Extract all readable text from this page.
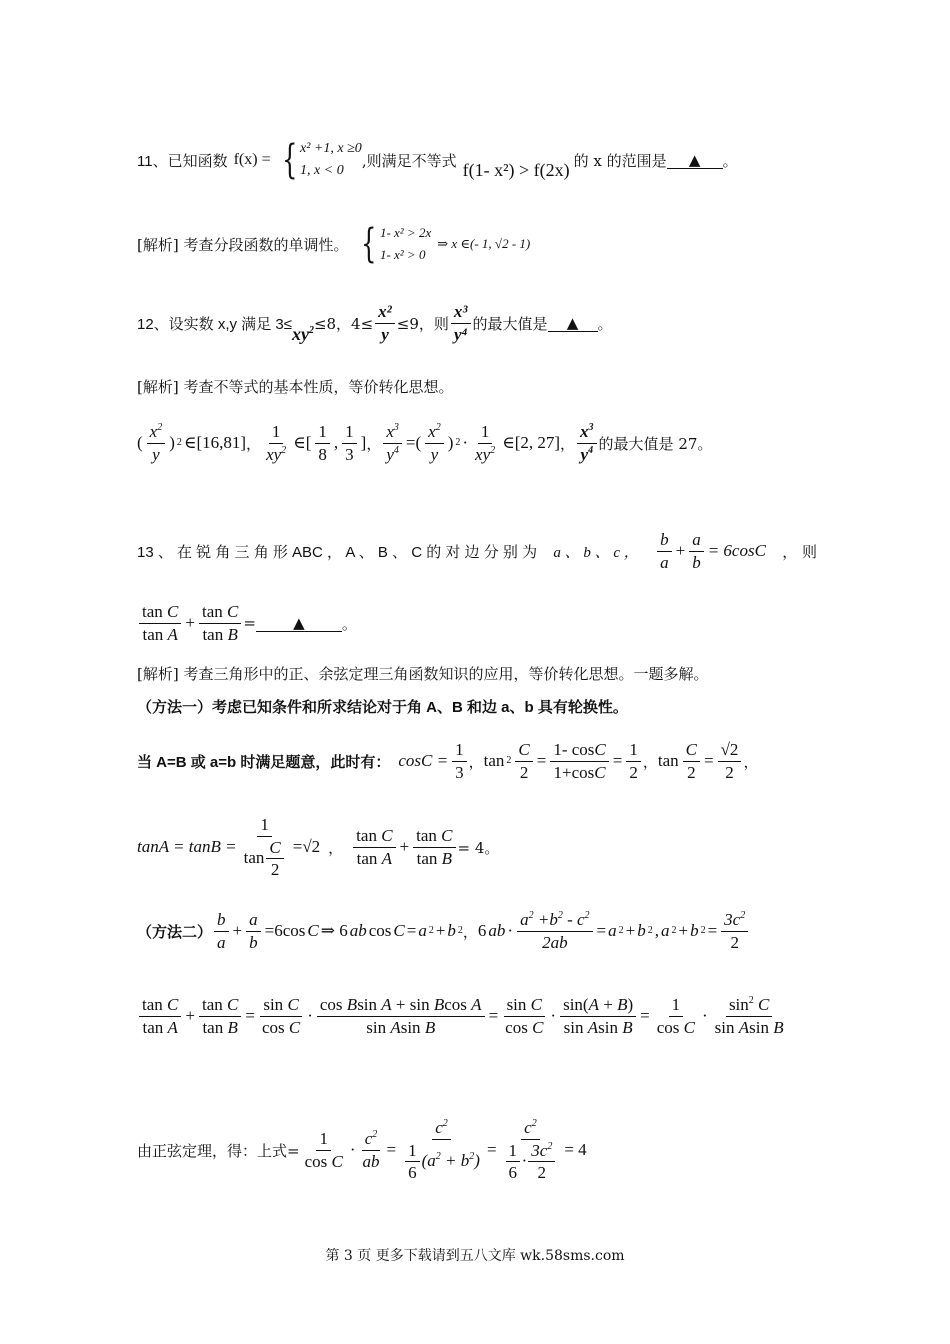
11、已知函数 f(x) = { x² +1, x ≥0
1, x < 0
,则满足不等式 f(1- x²) > f(2x) 的 x 的范围是	▲	。
[解析] 考查分段函数的单调性。 { 1- x² > 2x
1- x² > 0
⇒ x ∈(- 1, √2 - 1)
12、设实数 x,y 满足 $3\le xy^2 \le 8$，$4\le \frac{\text{x²}}{y} \le 9$，则 $\frac{\text{x³}}{\text{y⁴}}$ 的最大值是	▲	。
[解析] 考查不等式的基本性质，等价转化思想。
( $\frac{x^2}{y}$ ) 2 ∈[16,81] ， $\frac{1}{xy^2}$ ∈[ $\frac{1}{8}$ , $\frac{1}{3}$ ] ， $\frac{x^3}{y^4}$ =( $\frac{x^2}{y}$ ) $2 \cdot \frac{1}{xy^2}$ ∈[2, 27] ， $\frac{x^3}{y^4}$ 的最大值是 27。
13 、 在 锐 角 三 角 形 ABC ， A 、 B 、 C 的 对 边 分 别 为 a 、 b 、 c ， $\frac{b}{a} + \frac{a}{b} = 6\cos C$ ， 则
$\frac{\text{tan C}}{\text{tan A}} + \frac{\text{tan C}}{\text{tan B}}$ =	▲	。
[解析] 考查三角形中的正、余弦定理三角函数知识的应用，等价转化思想。一题多解。
（方法一）考虑已知条件和所求结论对于角 A、B 和边 a、b 具有轮换性。
当 A=B 或 a=b 时满足题意，此时有： $\cos C = \frac{1}{3}$ ， $\tan 2 \frac{C}{2} = \frac{1- \cos C}{1+\cos C} = \frac{1}{2}$ ， $\tan \frac{C}{2} = \frac{√2}{2}$ ，
$\tan A = \tan B = \frac{1}{\tan \frac{C}{2}} =√2$ ， $\frac{\text{tan C}}{\text{tan A}} + \frac{\text{tan C}}{\text{tan B}} = 4$。
（方法二） $\frac{b}{a} + \frac{a}{b} =6\cos$ C ⇒ 6 ab cos C = a 2 + b 2 ， 6 ab · $\frac{a^2 +b^2 - c^2}{2ab} = a$ 2 + b 2 , a 2 + b $2 = \frac{3c^2}{2}$
$\frac{\text{tan C}}{\text{tan A}} + \frac{\text{tan C}}{\text{tan B}} = \frac{\text{sin C}}{\text{cos C}} \cdot \frac{\text{cos Bsin A + sin Bcos A}}{\text{sin Asin B}} = \frac{\text{sin C}}{\text{cos C}} \cdot \frac{\sin(A + B)}{\text{sin Asin B}} = \frac{1}{\text{cos C}} \cdot \frac{\sin^2 C}{\text{sin Asin B}}$
由正弦定理，得：上式= $\frac{1}{\text{cos C}} \cdot \frac{c^2}{ab} = \frac{c^2}{\frac{1}{6} (a^2 + b^2)} = \frac{c^2}{\frac{1}{6} \cdot \frac{3c^2}{2}} = 4$
第 3 页 更多下载请到五八文库 wk.58sms.com
